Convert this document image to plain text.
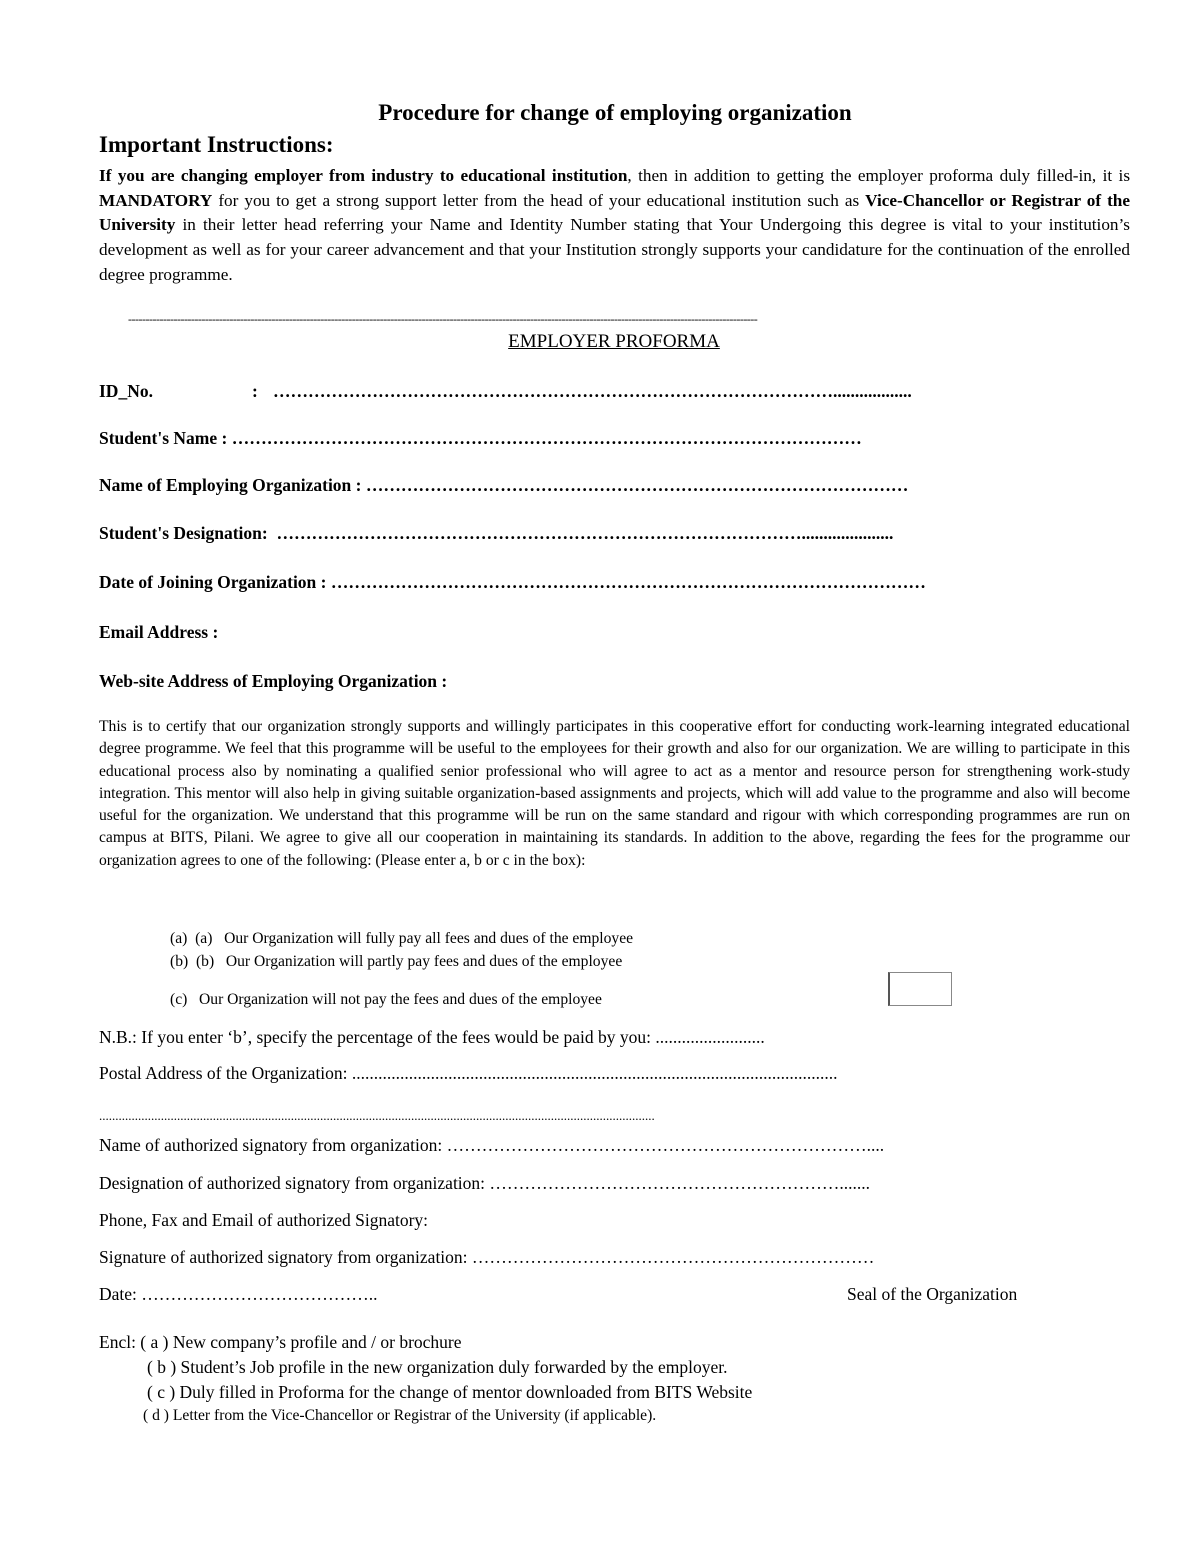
Procedure for change of employing organization
Important Instructions:
If you are changing employer from industry to educational institution, then in addition to getting the employer proforma duly filled-in, it is MANDATORY for you to get a strong support letter from the head of your educational institution such as Vice-Chancellor or Registrar of the University in their letter head referring your Name and Identity Number stating that Your Undergoing this degree is vital to your institution’s development as well as for your career advancement and that your Institution strongly supports your candidature for the continuation of the enrolled degree programme.
------------------------------------------------------------------------------------------------------------------------------------------------------------------------------------
EMPLOYER PROFORMA
ID_No.	: ……………………………………………………………………………………..................
Student's Name : ………………………………………………………………………………………………
Name of Employing Organization : …………………………………………………………………………………
Student's Designation: ……………………………………………………………………………….....................
Date of Joining Organization : …………………………………………………………………………………………
Email Address :
Web-site Address of Employing Organization :
This is to certify that our organization strongly supports and willingly participates in this cooperative effort for conducting work-learning integrated educational degree programme. We feel that this programme will be useful to the employees for their growth and also for our organization. We are willing to participate in this educational process also by nominating a qualified senior professional who will agree to act as a mentor and resource person for strengthening work-study integration. This mentor will also help in giving suitable organization-based assignments and projects, which will add value to the programme and also will become useful for the organization. We understand that this programme will be run on the same standard and rigour with which corresponding programmes are run on campus at BITS, Pilani. We agree to give all our cooperation in maintaining its standards. In addition to the above, regarding the fees for the programme our organization agrees to one of the following: (Please enter a, b or c in the box):
(a) (a) Our Organization will fully pay all fees and dues of the employee
(b) (b) Our Organization will partly pay fees and dues of the employee
(c) Our Organization will not pay the fees and dues of the employee
N.B.: If you enter ‘b’, specify the percentage of the fees would be paid by you: .........................
Postal Address of the Organization: ...............................................................................................................
...........................................................................................................................................................................
Name of authorized signatory from organization: ………………………………………………………………....
Designation of authorized signatory from organization: …………………………………………………….......
Phone, Fax and Email of authorized Signatory:
Signature of authorized signatory from organization: ……………………………………………………………
Date: …………………………………..	Seal of the Organization
Encl: ( a ) New company’s profile and / or brochure
( b ) Student’s Job profile in the new organization duly forwarded by the employer.
( c ) Duly filled in Proforma for the change of mentor downloaded from BITS Website
( d ) Letter from the Vice-Chancellor or Registrar of the University (if applicable).
